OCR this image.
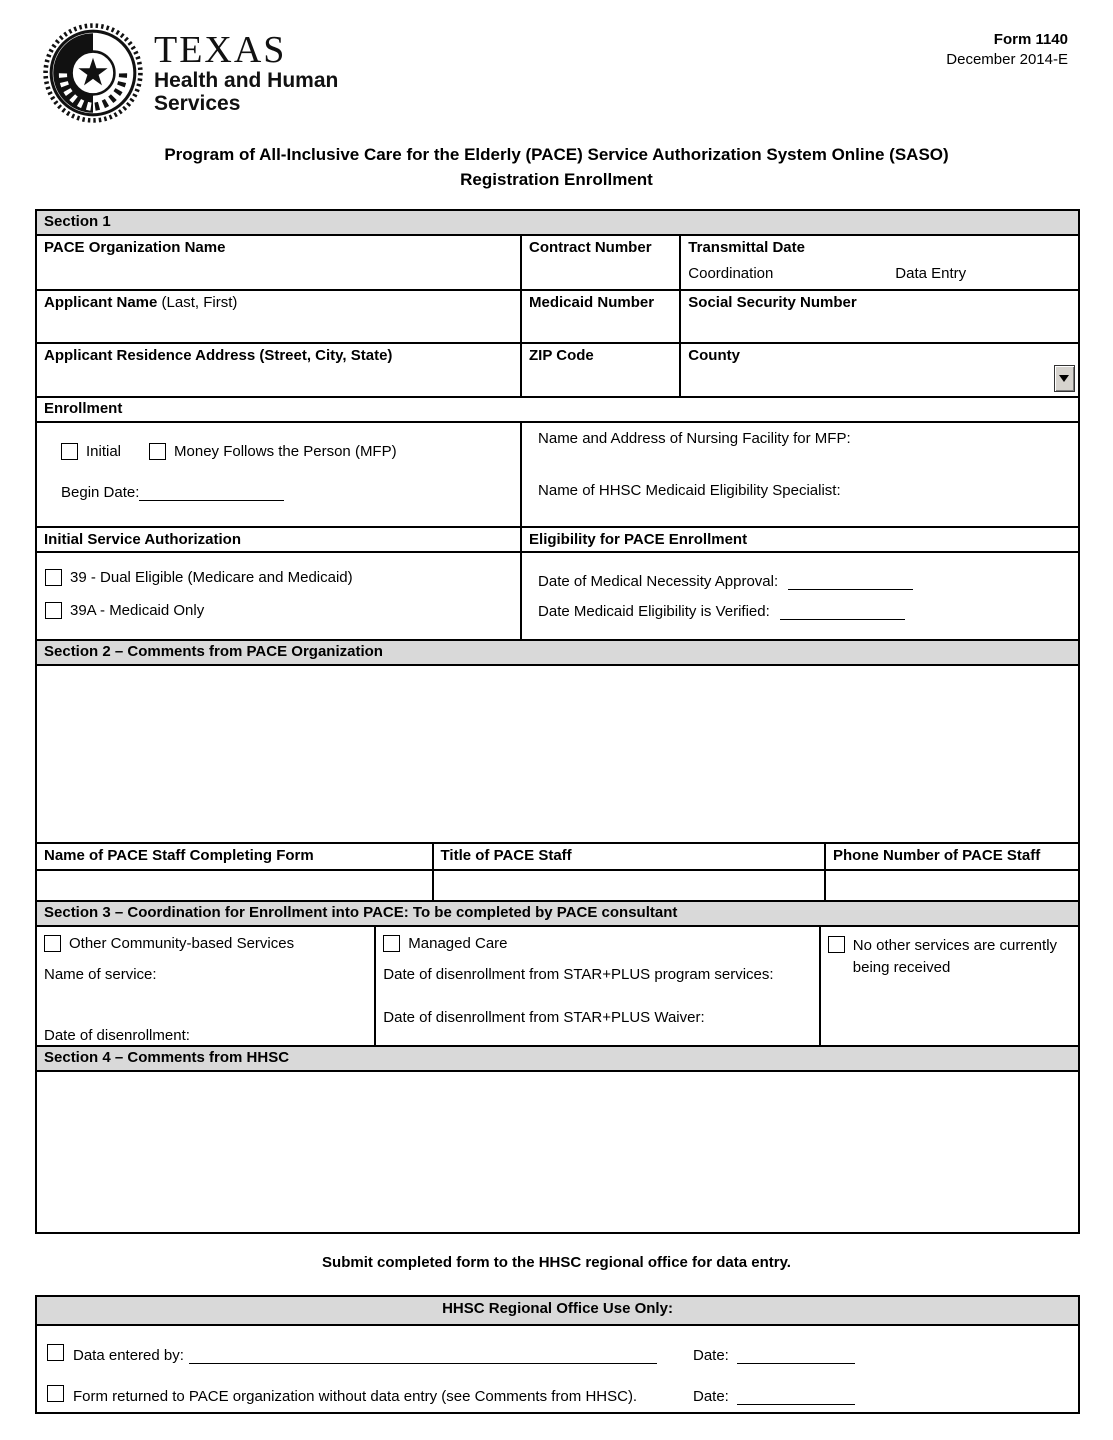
TEXAS
Health and Human
Services
Form 1140
December 2014-E
Program of All-Inclusive Care for the Elderly (PACE) Service Authorization System Online (SASO)
Registration Enrollment
Section 1
PACE Organization Name	Contract Number	Transmittal Date
Coordination	Data Entry
Applicant Name (Last, First)	Medicaid Number	Social Security Number
Applicant Residence Address (Street, City, State)	ZIP Code	County
Enrollment
Initial	Money Follows the Person (MFP)
Begin Date:
Name and Address of Nursing Facility for MFP:
Name of HHSC Medicaid Eligibility Specialist:
Initial Service Authorization	Eligibility for PACE Enrollment
39 - Dual Eligible (Medicare and Medicaid)
39A - Medicaid Only
Date of Medical Necessity Approval:
Date Medicaid Eligibility is Verified:
Section 2 – Comments from PACE Organization
Name of PACE Staff Completing Form	Title of PACE Staff	Phone Number of PACE Staff
Section 3 – Coordination for Enrollment into PACE: To be completed by PACE consultant
Other Community-based Services
Name of service:
Date of disenrollment:
Managed Care
Date of disenrollment from STAR+PLUS program services:
Date of disenrollment from STAR+PLUS Waiver:
No other services are currently being received
Section 4 – Comments from HHSC
Submit completed form to the HHSC regional office for data entry.
HHSC Regional Office Use Only:
Data entered by:	Date:
Form returned to PACE organization without data entry (see Comments from HHSC).	Date:
